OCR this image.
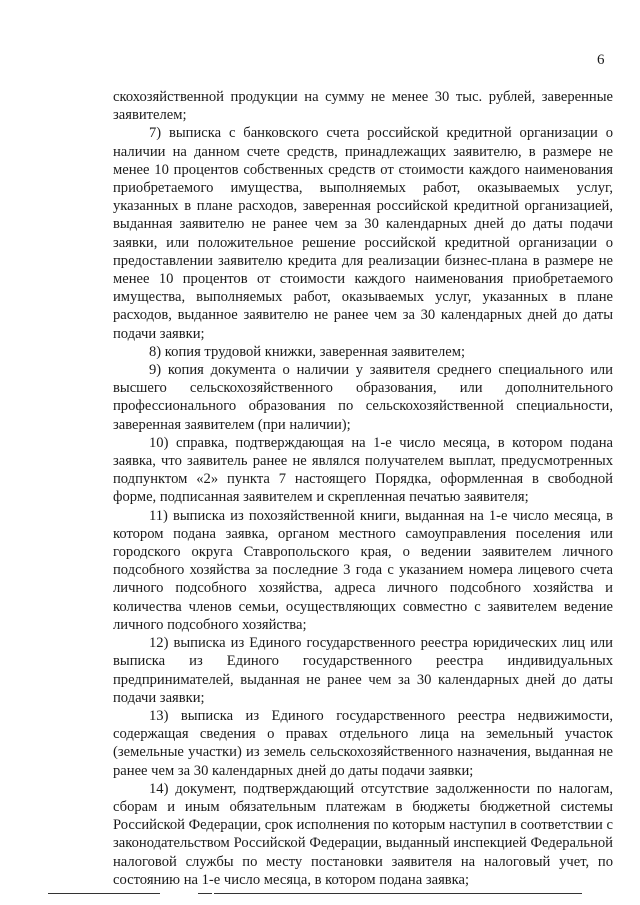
6

скохозяйственной продукции на сумму не менее 30 тыс. рублей, заверенные заявителем;

7) выписка с банковского счета российской кредитной организации о наличии на данном счете средств, принадлежащих заявителю, в размере не менее 10 процентов собственных средств от стоимости каждого наименования приобретаемого имущества, выполняемых работ, оказываемых услуг, указанных в плане расходов, заверенная российской кредитной организацией, выданная заявителю не ранее чем за 30 календарных дней до даты подачи заявки, или положительное решение российской кредитной организации о предоставлении заявителю кредита для реализации бизнес-плана в размере не менее 10 процентов от стоимости каждого наименования приобретаемого имущества, выполняемых работ, оказываемых услуг, указанных в плане расходов, выданное заявителю не ранее чем за 30 календарных дней до даты подачи заявки;

8) копия трудовой книжки, заверенная заявителем;

9) копия документа о наличии у заявителя среднего специального или высшего сельскохозяйственного образования, или дополнительного профессионального образования по сельскохозяйственной специальности, заверенная заявителем (при наличии);

10) справка, подтверждающая на 1-е число месяца, в котором подана заявка, что заявитель ранее не являлся получателем выплат, предусмотренных подпунктом «2» пункта 7 настоящего Порядка, оформленная в свободной форме, подписанная заявителем и скрепленная печатью заявителя;

11) выписка из похозяйственной книги, выданная на 1-е число месяца, в котором подана заявка, органом местного самоуправления поселения или городского округа Ставропольского края, о ведении заявителем личного подсобного хозяйства за последние 3 года с указанием номера лицевого счета личного подсобного хозяйства, адреса личного подсобного хозяйства и количества членов семьи, осуществляющих совместно с заявителем ведение личного подсобного хозяйства;

12) выписка из Единого государственного реестра юридических лиц или выписка из Единого государственного реестра индивидуальных предпринимателей, выданная не ранее чем за 30 календарных дней до даты подачи заявки;

13) выписка из Единого государственного реестра недвижимости, содержащая сведения о правах отдельного лица на земельный участок (земельные участки) из земель сельскохозяйственного назначения, выданная не ранее чем за 30 календарных дней до даты подачи заявки;

14) документ, подтверждающий отсутствие задолженности по налогам, сборам и иным обязательным платежам в бюджеты бюджетной системы Российской Федерации, срок исполнения по которым наступил в соответствии с законодательством Российской Федерации, выданный инспекцией Федеральной налоговой службы по месту постановки заявителя на налоговый учет, по состоянию на 1-е число месяца, в котором подана заявка;
